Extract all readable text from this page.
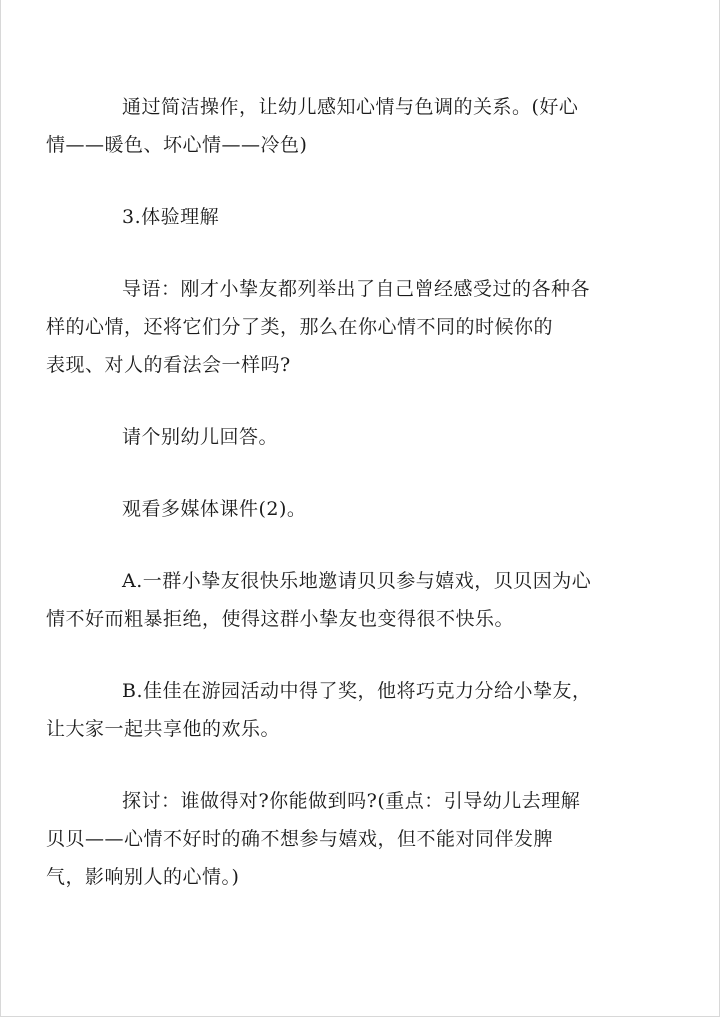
通过简洁操作，让幼儿感知心情与色调的关系。(好心
情——暖色、坏心情——冷色)

3.体验理解

导语：刚才小挚友都列举出了自己曾经感受过的各种各
样的心情，还将它们分了类，那么在你心情不同的时候你的
表现、对人的看法会一样吗?

请个别幼儿回答。

观看多媒体课件(2)。

A.一群小挚友很快乐地邀请贝贝参与嬉戏，贝贝因为心
情不好而粗暴拒绝，使得这群小挚友也变得很不快乐。

B.佳佳在游园活动中得了奖，他将巧克力分给小挚友，
让大家一起共享他的欢乐。

探讨：谁做得对?你能做到吗?(重点：引导幼儿去理解
贝贝——心情不好时的确不想参与嬉戏，但不能对同伴发脾
气，影响别人的心情。)
